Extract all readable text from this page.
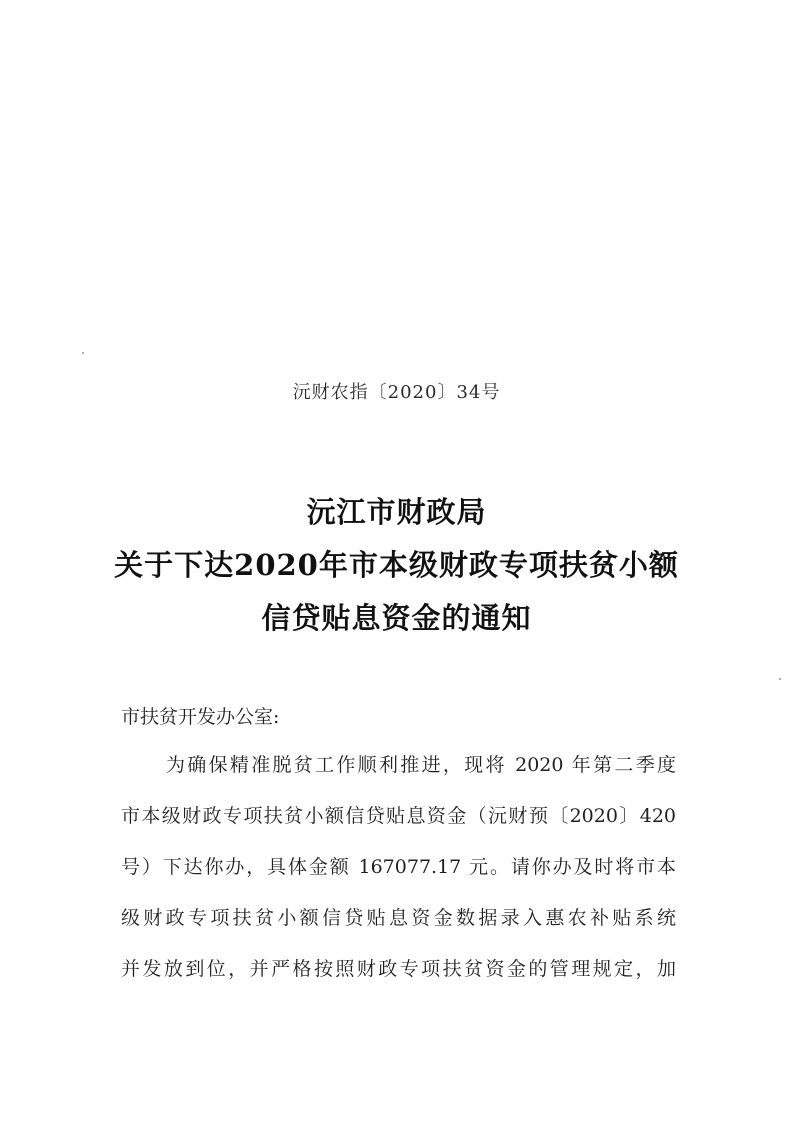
沅财农指〔2020〕34号
沅江市财政局
关于下达2020年市本级财政专项扶贫小额
信贷贴息资金的通知
市扶贫开发办公室:
为确保精准脱贫工作顺利推进，现将 2020 年第二季度
市本级财政专项扶贫小额信贷贴息资金（沅财预〔2020〕420
号）下达你办，具体金额 167077.17 元。请你办及时将市本
级财政专项扶贫小额信贷贴息资金数据录入惠农补贴系统
并发放到位，并严格按照财政专项扶贫资金的管理规定，加
